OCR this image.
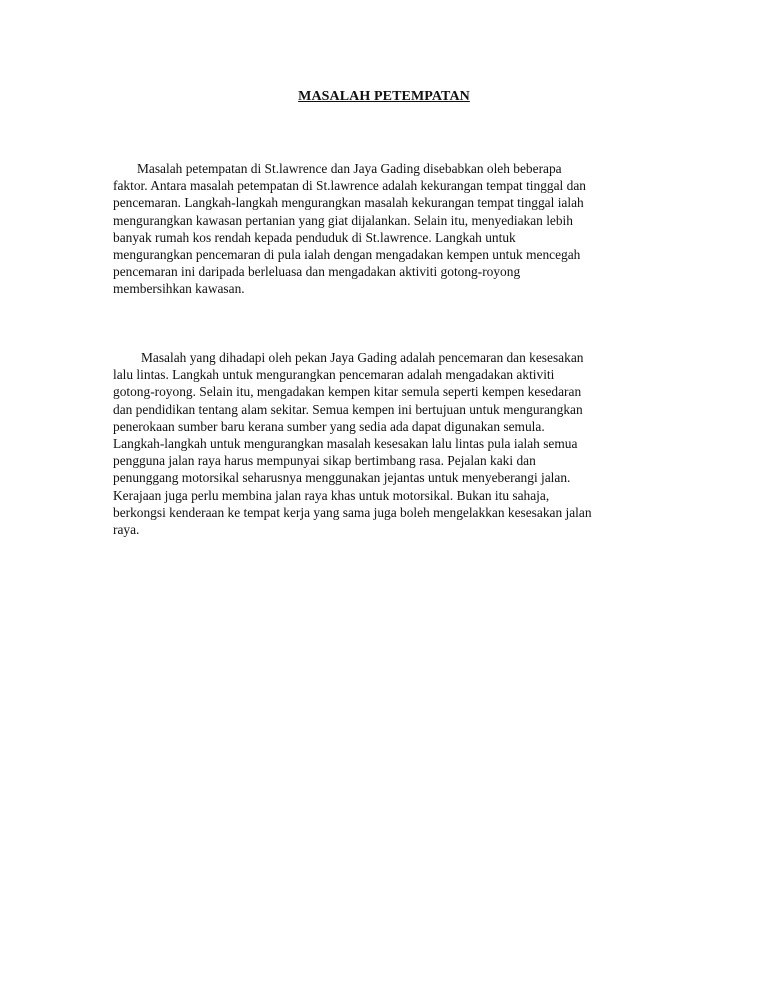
MASALAH PETEMPATAN
Masalah petempatan di St.lawrence dan Jaya Gading disebabkan oleh beberapa
faktor. Antara masalah petempatan di St.lawrence adalah kekurangan tempat tinggal dan
pencemaran. Langkah-langkah mengurangkan masalah kekurangan tempat tinggal ialah
mengurangkan kawasan pertanian yang giat dijalankan. Selain itu, menyediakan lebih
banyak rumah kos rendah kepada penduduk di St.lawrence. Langkah untuk
mengurangkan pencemaran di pula ialah dengan mengadakan kempen untuk mencegah
pencemaran ini daripada berleluasa dan mengadakan aktiviti gotong-royong
membersihkan kawasan.
Masalah yang dihadapi oleh pekan Jaya Gading adalah pencemaran dan kesesakan
lalu lintas. Langkah untuk mengurangkan pencemaran adalah mengadakan aktiviti
gotong-royong. Selain itu, mengadakan kempen kitar semula seperti kempen kesedaran
dan pendidikan tentang alam sekitar. Semua kempen ini bertujuan untuk mengurangkan
penerokaan sumber baru kerana sumber yang sedia ada dapat digunakan semula.
Langkah-langkah untuk mengurangkan masalah kesesakan lalu lintas pula ialah semua
pengguna jalan raya harus mempunyai sikap bertimbang rasa. Pejalan kaki dan
penunggang motorsikal seharusnya menggunakan jejantas untuk menyeberangi jalan.
Kerajaan juga perlu membina jalan raya khas untuk motorsikal. Bukan itu sahaja,
berkongsi kenderaan ke tempat kerja yang sama juga boleh mengelakkan kesesakan jalan
raya.
